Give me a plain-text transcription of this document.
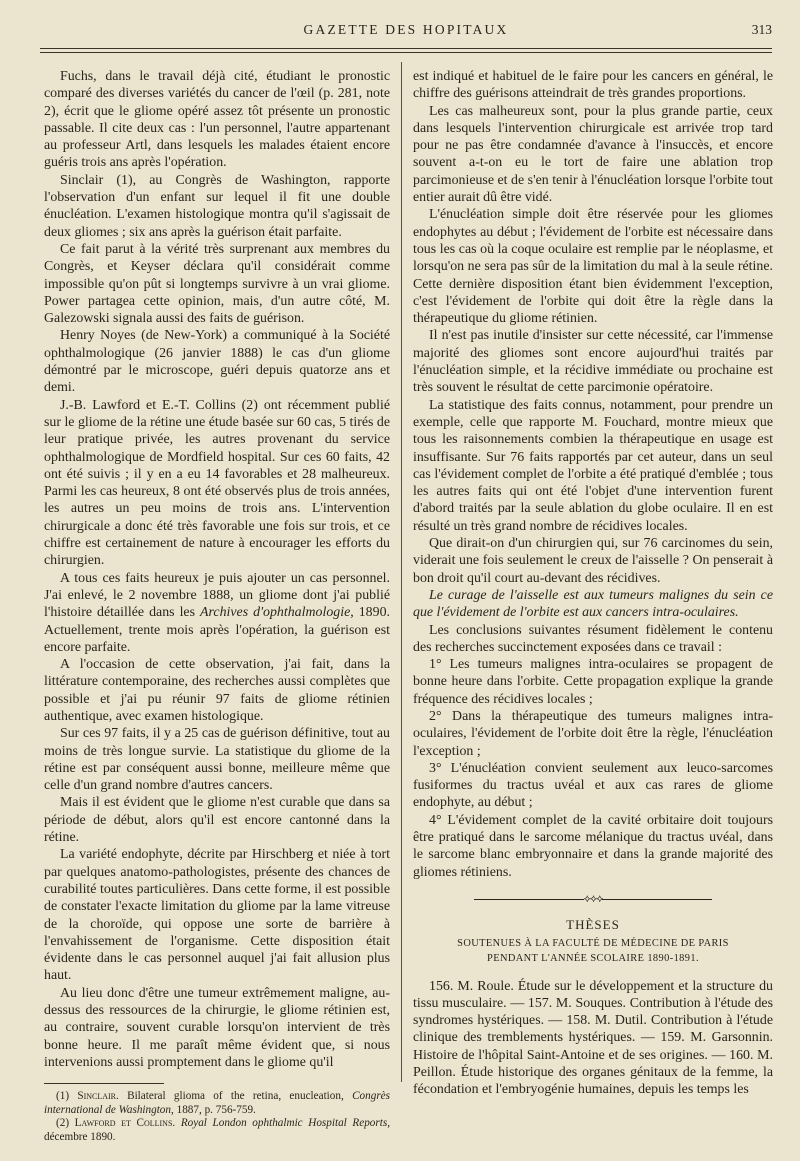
GAZETTE DES HOPITAUX	313

Fuchs, dans le travail déjà cité, étudiant le pronostic comparé des diverses variétés du cancer de l'œil (p. 281, note 2), écrit que le gliome opéré assez tôt présente un pronostic passable. Il cite deux cas : l'un personnel, l'autre appartenant au professeur Artl, dans lesquels les malades étaient encore guéris trois ans après l'opération.

Sinclair (1), au Congrès de Washington, rapporte l'observation d'un enfant sur lequel il fit une double énucléation. L'examen histologique montra qu'il s'agissait de deux gliomes ; six ans après la guérison était parfaite.

Ce fait parut à la vérité très surprenant aux membres du Congrès, et Keyser déclara qu'il considérait comme impossible qu'on pût si longtemps survivre à un vrai gliome. Power partagea cette opinion, mais, d'un autre côté, M. Galezowski signala aussi des faits de guérison.

Henry Noyes (de New-York) a communiqué à la Société ophthalmologique (26 janvier 1888) le cas d'un gliome démontré par le microscope, guéri depuis quatorze ans et demi.

J.-B. Lawford et E.-T. Collins (2) ont récemment publié sur le gliome de la rétine une étude basée sur 60 cas, 5 tirés de leur pratique privée, les autres provenant du service ophthalmologique de Mordfield hospital. Sur ces 60 faits, 42 ont été suivis ; il y en a eu 14 favorables et 28 malheureux. Parmi les cas heureux, 8 ont été observés plus de trois années, les autres un peu moins de trois ans. L'intervention chirurgicale a donc été très favorable une fois sur trois, et ce chiffre est certainement de nature à encourager les efforts du chirurgien.

A tous ces faits heureux je puis ajouter un cas personnel. J'ai enlevé, le 2 novembre 1888, un gliome dont j'ai publié l'histoire détaillée dans les Archives d'ophthalmologie, 1890. Actuellement, trente mois après l'opération, la guérison est encore parfaite.

A l'occasion de cette observation, j'ai fait, dans la littérature contemporaine, des recherches aussi complètes que possible et j'ai pu réunir 97 faits de gliome rétinien authentique, avec examen histologique.

Sur ces 97 faits, il y a 25 cas de guérison définitive, tout au moins de très longue survie. La statistique du gliome de la rétine est par conséquent aussi bonne, meilleure même que celle d'un grand nombre d'autres cancers.

Mais il est évident que le gliome n'est curable que dans sa période de début, alors qu'il est encore cantonné dans la rétine.

La variété endophyte, décrite par Hirschberg et niée à tort par quelques anatomo-pathologistes, présente des chances de curabilité toutes particulières. Dans cette forme, il est possible de constater l'exacte limitation du gliome par la lame vitreuse de la choroïde, qui oppose une sorte de barrière à l'envahissement de l'organisme. Cette disposition était évidente dans le cas personnel auquel j'ai fait allusion plus haut.

Au lieu donc d'être une tumeur extrêmement maligne, au-dessus des ressources de la chirurgie, le gliome rétinien est, au contraire, souvent curable lorsqu'on intervient de très bonne heure. Il me paraît même évident que, si nous intervenions aussi promptement dans le gliome qu'il

(1) Sinclair. Bilateral glioma of the retina, enucleation, Congrès international de Washington, 1887, p. 756-759.

(2) Lawford et Collins. Royal London ophthalmic Hospital Reports, décembre 1890.

est indiqué et habituel de le faire pour les cancers en général, le chiffre des guérisons atteindrait de très grandes proportions.

Les cas malheureux sont, pour la plus grande partie, ceux dans lesquels l'intervention chirurgicale est arrivée trop tard pour ne pas être condamnée d'avance à l'insuccès, et encore souvent a-t-on eu le tort de faire une ablation trop parcimonieuse et de s'en tenir à l'énucléation lorsque l'orbite tout entier aurait dû être vidé.

L'énucléation simple doit être réservée pour les gliomes endophytes au début ; l'évidement de l'orbite est nécessaire dans tous les cas où la coque oculaire est remplie par le néoplasme, et lorsqu'on ne sera pas sûr de la limitation du mal à la seule rétine. Cette dernière disposition étant bien évidemment l'exception, c'est l'évidement de l'orbite qui doit être la règle dans la thérapeutique du gliome rétinien.

Il n'est pas inutile d'insister sur cette nécessité, car l'immense majorité des gliomes sont encore aujourd'hui traités par l'énucléation simple, et la récidive immédiate ou prochaine est très souvent le résultat de cette parcimonie opératoire.

La statistique des faits connus, notamment, pour prendre un exemple, celle que rapporte M. Fouchard, montre mieux que tous les raisonnements combien la thérapeutique en usage est insuffisante. Sur 76 faits rapportés par cet auteur, dans un seul cas l'évidement complet de l'orbite a été pratiqué d'emblée ; tous les autres faits qui ont été l'objet d'une intervention furent d'abord traités par la seule ablation du globe oculaire. Il en est résulté un très grand nombre de récidives locales.

Que dirait-on d'un chirurgien qui, sur 76 carcinomes du sein, viderait une fois seulement le creux de l'aisselle ? On penserait à bon droit qu'il court au-devant des récidives.

Le curage de l'aisselle est aux tumeurs malignes du sein ce que l'évidement de l'orbite est aux cancers intra-oculaires.

Les conclusions suivantes résument fidèlement le contenu des recherches succinctement exposées dans ce travail :

1° Les tumeurs malignes intra-oculaires se propagent de bonne heure dans l'orbite. Cette propagation explique la grande fréquence des récidives locales ;

2° Dans la thérapeutique des tumeurs malignes intra-oculaires, l'évidement de l'orbite doit être la règle, l'énucléation l'exception ;

3° L'énucléation convient seulement aux leuco-sarcomes fusiformes du tractus uvéal et aux cas rares de gliome endophyte, au début ;

4° L'évidement complet de la cavité orbitaire doit toujours être pratiqué dans le sarcome mélanique du tractus uvéal, dans le sarcome blanc embryonnaire et dans la grande majorité des gliomes rétiniens.

⟡⟡⟡
THÈSES
SOUTENUES À LA FACULTÉ DE MÉDECINE DE PARIS
PENDANT L'ANNÉE SCOLAIRE 1890-1891.

156. M. Roule. Étude sur le développement et la structure du tissu musculaire. — 157. M. Souques. Contribution à l'étude des syndromes hystériques. — 158. M. Dutil. Contribution à l'étude clinique des tremblements hystériques. — 159. M. Garsonnin. Histoire de l'hôpital Saint-Antoine et de ses origines. — 160. M. Peillon. Étude historique des organes génitaux de la femme, la fécondation et l'embryogénie humaines, depuis les temps les
